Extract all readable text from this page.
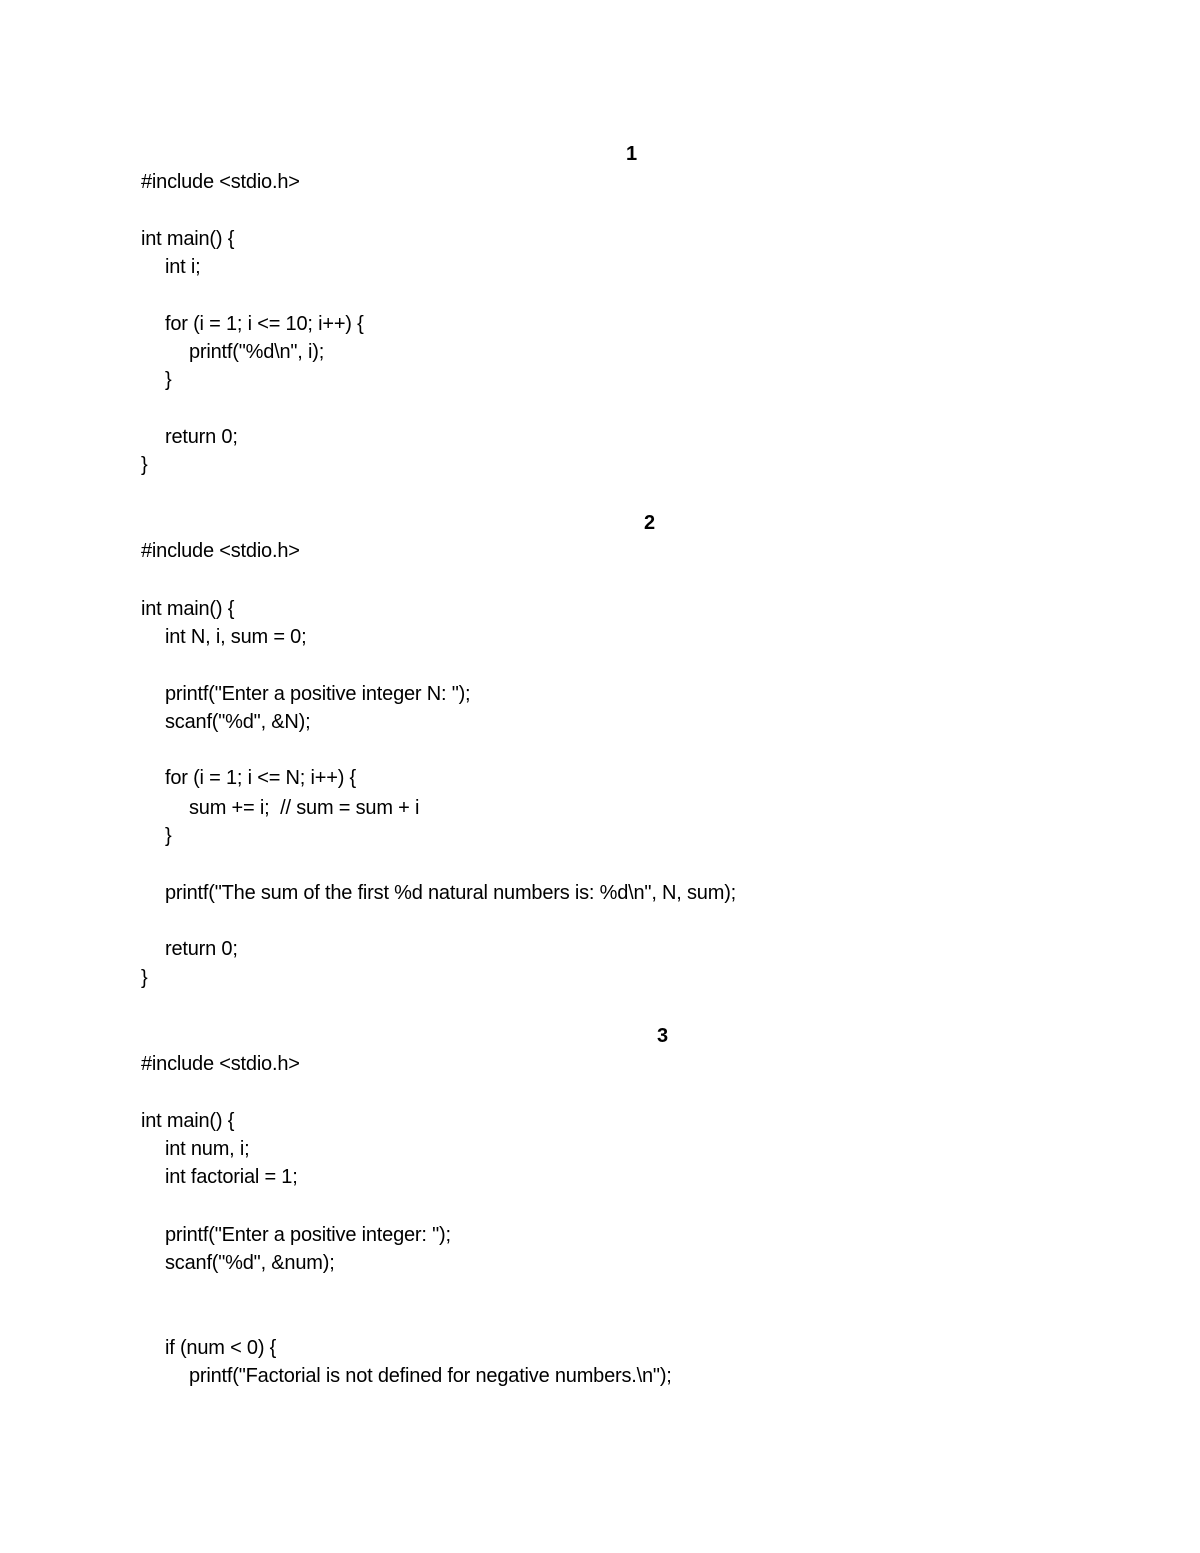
1
#include <stdio.h>
int main() {
int i;
for (i = 1; i <= 10; i++) {
printf("%d\n", i);
}
return 0;
}
2
#include <stdio.h>
int main() {
int N, i, sum = 0;
printf("Enter a positive integer N: ");
scanf("%d", &N);
for (i = 1; i <= N; i++) {
sum += i;  // sum = sum + i
}
printf("The sum of the first %d natural numbers is: %d\n", N, sum);
return 0;
}
3
#include <stdio.h>
int main() {
int num, i;
int factorial = 1;
printf("Enter a positive integer: ");
scanf("%d", &num);
if (num < 0) {
printf("Factorial is not defined for negative numbers.\n");
